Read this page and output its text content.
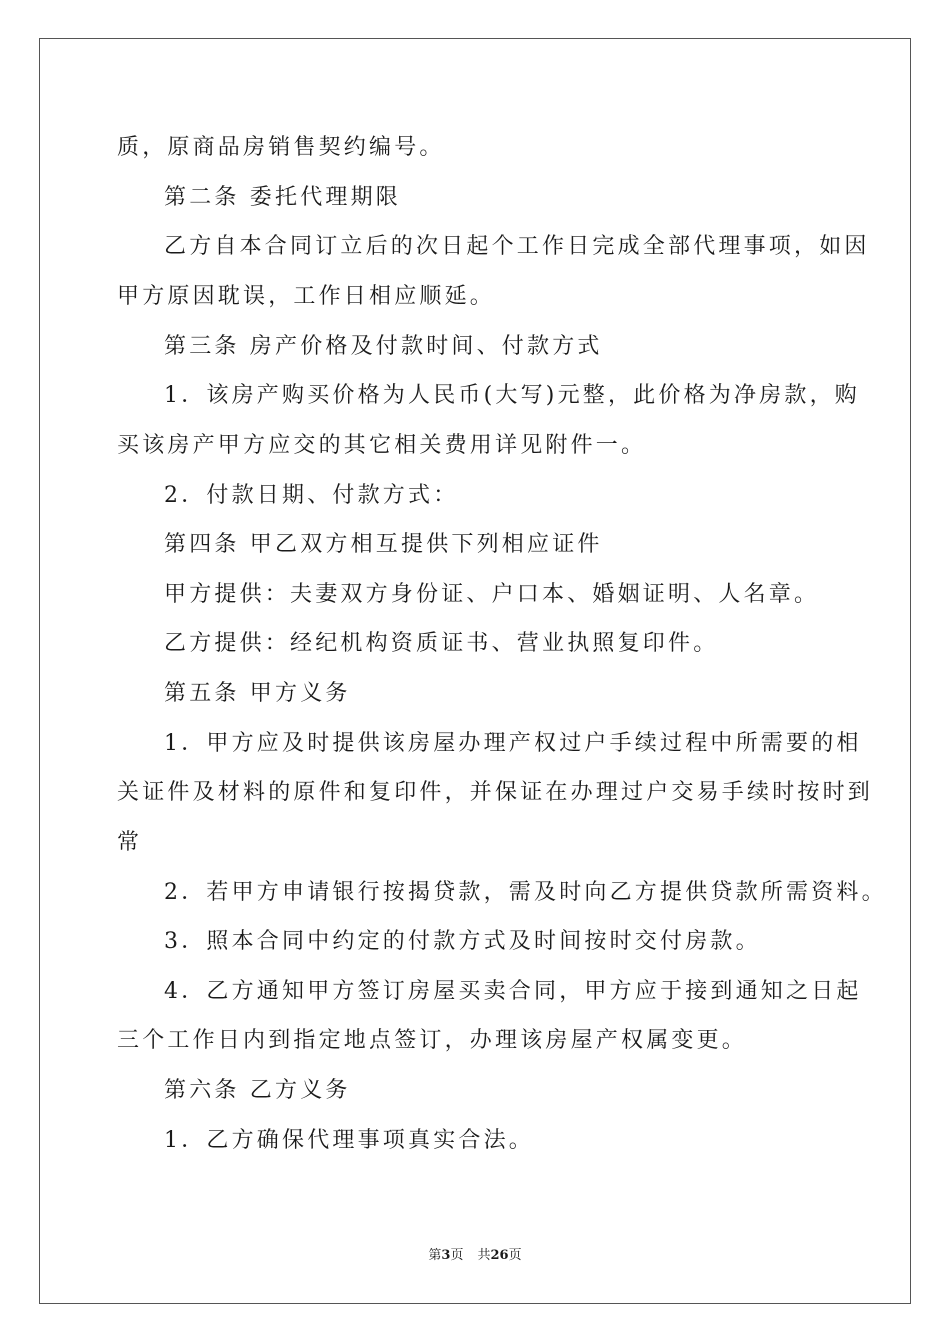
质，原商品房销售契约编号。
第二条 委托代理期限
乙方自本合同订立后的次日起个工作日完成全部代理事项，如因
甲方原因耽误，工作日相应顺延。
第三条 房产价格及付款时间、付款方式
1．该房产购买价格为人民币(大写)元整，此价格为净房款，购
买该房产甲方应交的其它相关费用详见附件一。
2．付款日期、付款方式：
第四条 甲乙双方相互提供下列相应证件
甲方提供：夫妻双方身份证、户口本、婚姻证明、人名章。
乙方提供：经纪机构资质证书、营业执照复印件。
第五条 甲方义务
1．甲方应及时提供该房屋办理产权过户手续过程中所需要的相
关证件及材料的原件和复印件，并保证在办理过户交易手续时按时到
常
2．若甲方申请银行按揭贷款，需及时向乙方提供贷款所需资料。
3．照本合同中约定的付款方式及时间按时交付房款。
4．乙方通知甲方签订房屋买卖合同，甲方应于接到通知之日起
三个工作日内到指定地点签订，办理该房屋产权属变更。
第六条 乙方义务
1．乙方确保代理事项真实合法。
第3页 共26页
